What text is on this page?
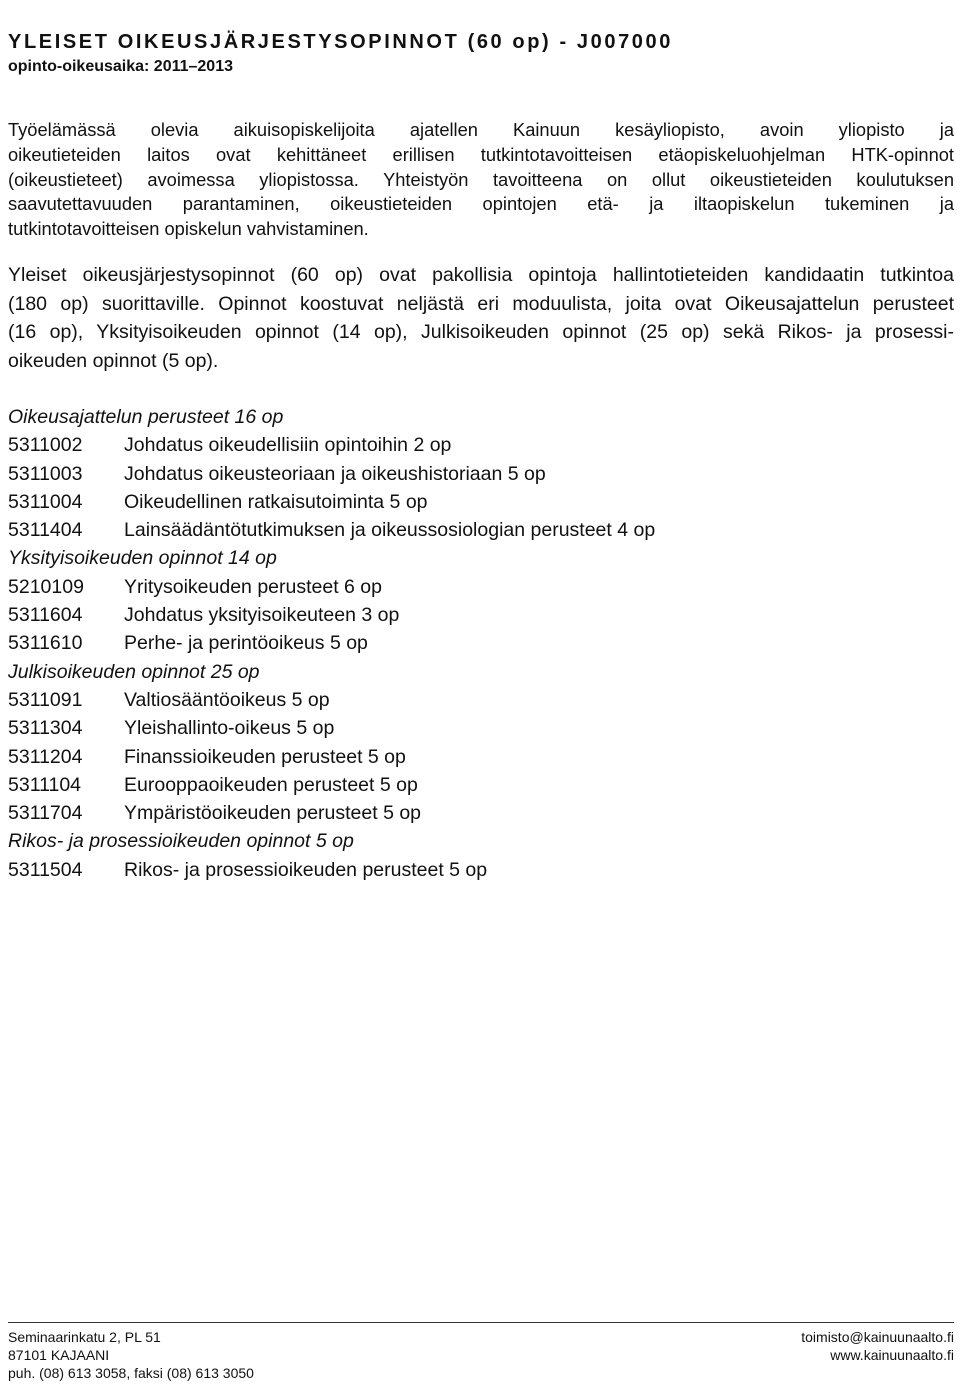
YLEISET OIKEUSJÄRJESTYSOPINNOT (60 op) - J007000
opinto-oikeusaika: 2011–2013
Työelämässä olevia aikuisopiskelijoita ajatellen Kainuun kesäyliopisto, avoin yliopisto ja
oikeutieteiden laitos ovat kehittäneet erillisen tutkintotavoitteisen etäopiskeluohjelman HTK-opinnot
(oikeustieteet) avoimessa yliopistossa. Yhteistyön tavoitteena on ollut oikeustieteiden koulutuksen
saavutettavuuden parantaminen, oikeustieteiden opintojen etä- ja iltaopiskelun tukeminen ja
tutkintotavoitteisen opiskelun vahvistaminen.
Yleiset oikeusjärjestysopinnot (60 op) ovat pakollisia opintoja hallintotieteiden kandidaatin tutkintoa
(180 op) suorittaville. Opinnot koostuvat neljästä eri moduulista, joita ovat Oikeusajattelun perusteet
(16 op), Yksityisoikeuden opinnot (14 op), Julkisoikeuden opinnot (25 op) sekä Rikos- ja prosessi-
oikeuden opinnot (5 op).
Oikeusajattelun perusteet 16 op
5311002	Johdatus oikeudellisiin opintoihin 2 op
5311003	Johdatus oikeusteoriaan ja oikeushistoriaan 5 op
5311004	Oikeudellinen ratkaisutoiminta 5 op
5311404	Lainsäädäntötutkimuksen ja oikeussosiologian perusteet 4 op
Yksityisoikeuden opinnot 14 op
5210109	Yritysoikeuden perusteet 6 op
5311604	Johdatus yksityisoikeuteen 3 op
5311610	Perhe- ja perintöoikeus 5 op
Julkisoikeuden opinnot 25 op
5311091	Valtiosääntöoikeus 5 op
5311304	Yleishallinto-oikeus 5 op
5311204	Finanssioikeuden perusteet 5 op
5311104	Eurooppaoikeuden perusteet 5 op
5311704	Ympäristöoikeuden perusteet 5 op
Rikos- ja prosessioikeuden opinnot 5 op
5311504	Rikos- ja prosessioikeuden perusteet 5 op
Seminaarinkatu 2, PL 51
87101 KAJAANI
puh. (08) 613 3058, faksi (08) 613 3050
toimisto@kainuunaalto.fi
www.kainuunaalto.fi
